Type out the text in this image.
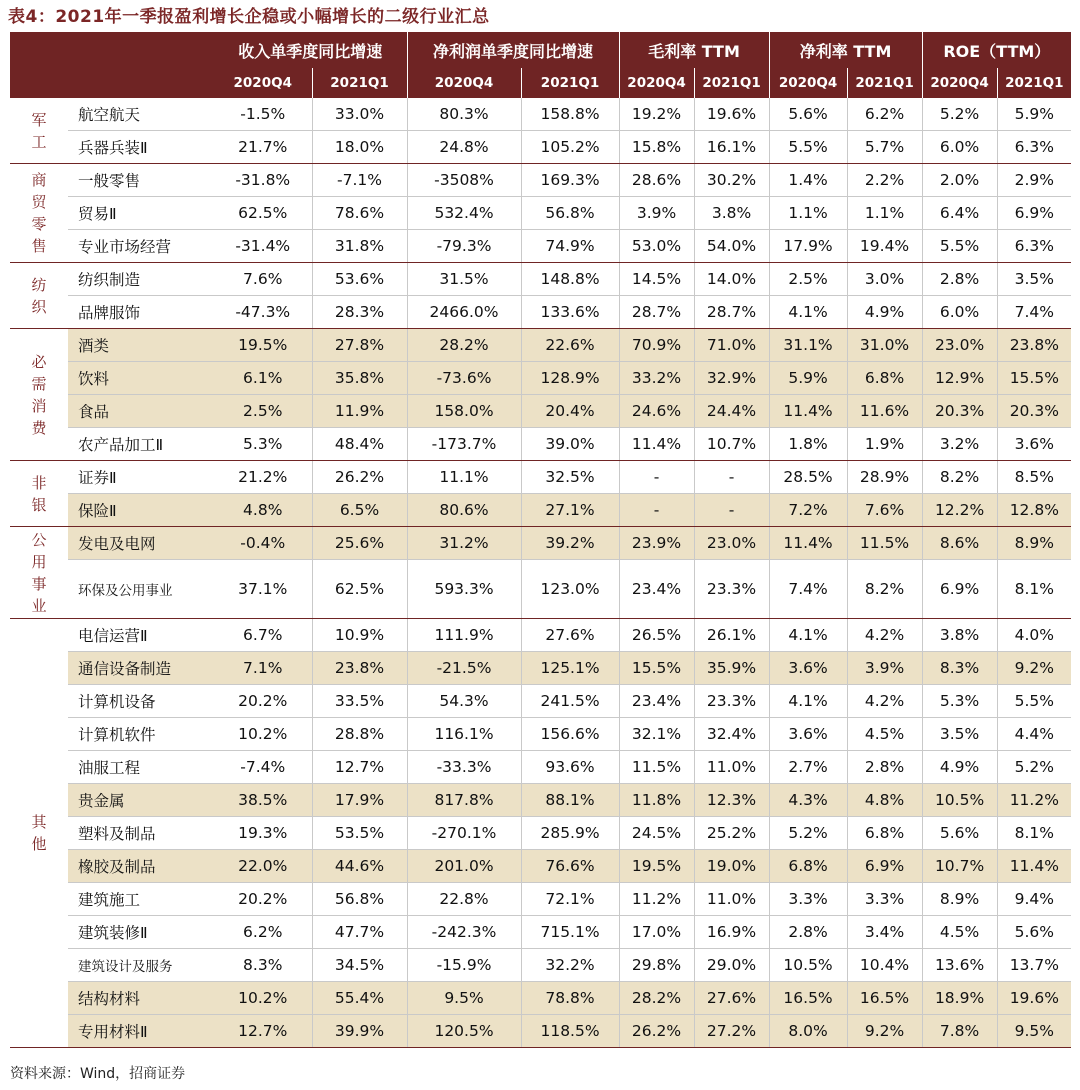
表4：2021年一季报盈利增长企稳或小幅增长的二级行业汇总
		收入单季度同比增速		净利润单季度同比增速		毛利率 TTM		净利率 TTM		ROE（TTM）	
		2020Q4	2021Q1	2020Q4	2021Q1	2020Q4	2021Q1	2020Q4	2021Q1	2020Q4	2021Q1
军工	航空航天	-1.5%	33.0%	80.3%	158.8%	19.2%	19.6%	5.6%	6.2%	5.2%	5.9%
	兵器兵装Ⅱ	21.7%	18.0%	24.8%	105.2%	15.8%	16.1%	5.5%	5.7%	6.0%	6.3%
商贸零售	一般零售	-31.8%	-7.1%	-3508%	169.3%	28.6%	30.2%	1.4%	2.2%	2.0%	2.9%
	贸易Ⅱ	62.5%	78.6%	532.4%	56.8%	3.9%	3.8%	1.1%	1.1%	6.4%	6.9%
	专业市场经营	-31.4%	31.8%	-79.3%	74.9%	53.0%	54.0%	17.9%	19.4%	5.5%	6.3%
纺织	纺织制造	7.6%	53.6%	31.5%	148.8%	14.5%	14.0%	2.5%	3.0%	2.8%	3.5%
	品牌服饰	-47.3%	28.3%	2466.0%	133.6%	28.7%	28.7%	4.1%	4.9%	6.0%	7.4%
必需消费	酒类	19.5%	27.8%	28.2%	22.6%	70.9%	71.0%	31.1%	31.0%	23.0%	23.8%
	饮料	6.1%	35.8%	-73.6%	128.9%	33.2%	32.9%	5.9%	6.8%	12.9%	15.5%
	食品	2.5%	11.9%	158.0%	20.4%	24.6%	24.4%	11.4%	11.6%	20.3%	20.3%
	农产品加工Ⅱ	5.3%	48.4%	-173.7%	39.0%	11.4%	10.7%	1.8%	1.9%	3.2%	3.6%
非银	证券Ⅱ	21.2%	26.2%	11.1%	32.5%	-	-	28.5%	28.9%	8.2%	8.5%
	保险Ⅱ	4.8%	6.5%	80.6%	27.1%	-	-	7.2%	7.6%	12.2%	12.8%
公用事业	发电及电网	-0.4%	25.6%	31.2%	39.2%	23.9%	23.0%	11.4%	11.5%	8.6%	8.9%
	环保及公用事业	37.1%	62.5%	593.3%	123.0%	23.4%	23.3%	7.4%	8.2%	6.9%	8.1%
其他	电信运营Ⅱ	6.7%	10.9%	111.9%	27.6%	26.5%	26.1%	4.1%	4.2%	3.8%	4.0%
	通信设备制造	7.1%	23.8%	-21.5%	125.1%	15.5%	35.9%	3.6%	3.9%	8.3%	9.2%
	计算机设备	20.2%	33.5%	54.3%	241.5%	23.4%	23.3%	4.1%	4.2%	5.3%	5.5%
	计算机软件	10.2%	28.8%	116.1%	156.6%	32.1%	32.4%	3.6%	4.5%	3.5%	4.4%
	油服工程	-7.4%	12.7%	-33.3%	93.6%	11.5%	11.0%	2.7%	2.8%	4.9%	5.2%
	贵金属	38.5%	17.9%	817.8%	88.1%	11.8%	12.3%	4.3%	4.8%	10.5%	11.2%
	塑料及制品	19.3%	53.5%	-270.1%	285.9%	24.5%	25.2%	5.2%	6.8%	5.6%	8.1%
	橡胶及制品	22.0%	44.6%	201.0%	76.6%	19.5%	19.0%	6.8%	6.9%	10.7%	11.4%
	建筑施工	20.2%	56.8%	22.8%	72.1%	11.2%	11.0%	3.3%	3.3%	8.9%	9.4%
	建筑装修Ⅱ	6.2%	47.7%	-242.3%	715.1%	17.0%	16.9%	2.8%	3.4%	4.5%	5.6%
	建筑设计及服务	8.3%	34.5%	-15.9%	32.2%	29.8%	29.0%	10.5%	10.4%	13.6%	13.7%
	结构材料	10.2%	55.4%	9.5%	78.8%	28.2%	27.6%	16.5%	16.5%	18.9%	19.6%
	专用材料Ⅱ	12.7%	39.9%	120.5%	118.5%	26.2%	27.2%	8.0%	9.2%	7.8%	9.5%
资料来源：Wind，招商证券
